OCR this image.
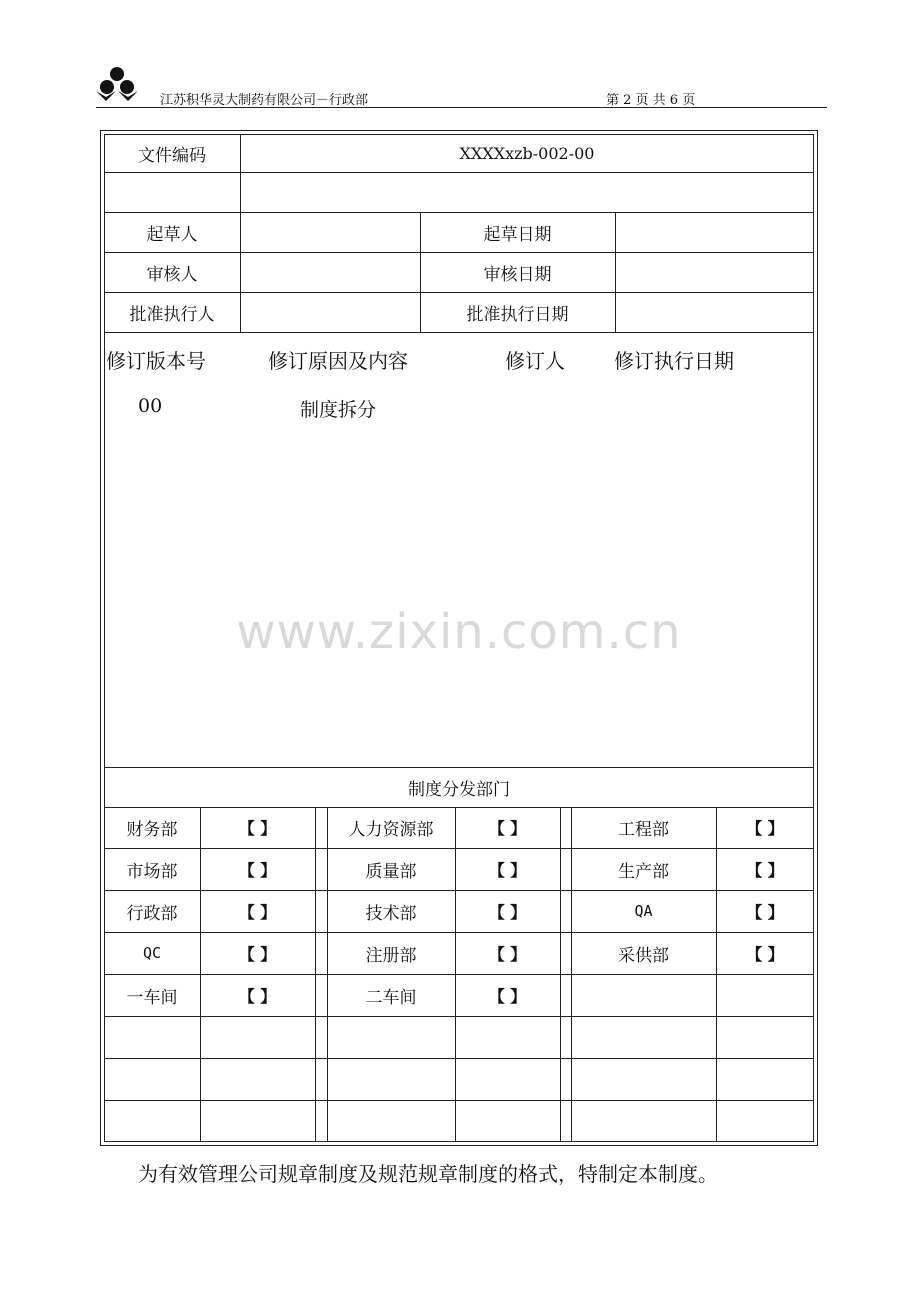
江苏积华灵大制药有限公司－行政部	第 2 页 共 6 页
文件编码	XXXXxzb-002-00
起草人	起草日期
审核人	审核日期
批准执行人	批准执行日期
修订版本号	修订原因及内容	修订人 修订执行日期
00	制度拆分
www.zixin.com.cn
制度分发部门
财务部	【 】	人力资源部	【 】	工程部	【 】
市场部	【 】	质量部	【 】	生产部	【 】
行政部	【 】	技术部	【 】	QA	【 】
QC	【 】	注册部	【 】	采供部	【 】
一车间	【 】	二车间	【 】
为有效管理公司规章制度及规范规章制度的格式，特制定本制度。
